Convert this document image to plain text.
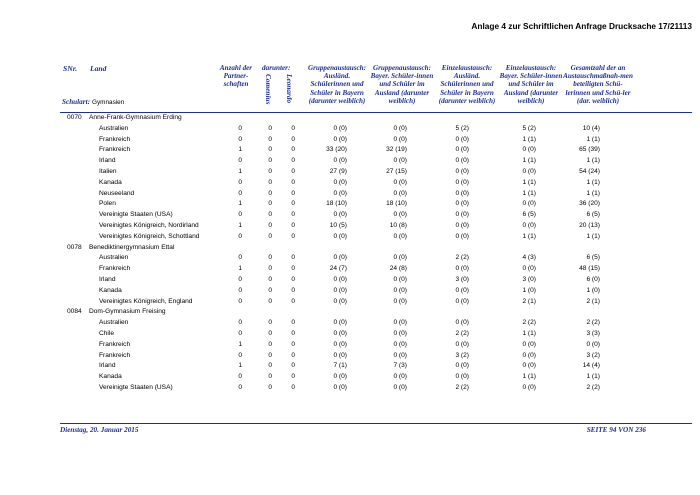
Anlage 4 zur Schriftlichen Anfrage Drucksache 17/21113
SNr. Land
Schulart: Gymnasien
Anzahl der Partner-schaften
darunter:
Comenius Leonardo
Gruppenaustausch: Ausländ. Schülerinnen und Schüler in Bayern (darunter weiblich)
Gruppenaustausch: Bayer. Schüler-innen und Schüler im Ausland (darunter weiblich)
Einzelaustausch: Ausländ. Schülerinnen und Schüler in Bayern (darunter weiblich)
Einzelaustausch: Bayer. Schüler-innen und Schüler im Ausland (darunter weiblich)
Gesamtzahl der an Austauschmaßnah-men beteiligten Schü-lerinnen und Schü-ler (dar. weiblich)
0070 Anne-Frank-Gymnasium Erding
Australien	0	0	0	0 (0)	0 (0)	5 (2)	5 (2)	10 (4)
Frankreich	0	0	0	0 (0)	0 (0)	0 (0)	1 (1)	1 (1)
Frankreich	1	0	0	33 (20)	32 (19)	0 (0)	0 (0)	65 (39)
Irland	0	0	0	0 (0)	0 (0)	0 (0)	1 (1)	1 (1)
Italien	1	0	0	27 (9)	27 (15)	0 (0)	0 (0)	54 (24)
Kanada	0	0	0	0 (0)	0 (0)	0 (0)	1 (1)	1 (1)
Neuseeland	0	0	0	0 (0)	0 (0)	0 (0)	1 (1)	1 (1)
Polen	1	0	0	18 (10)	18 (10)	0 (0)	0 (0)	36 (20)
Vereinigte Staaten (USA)	0	0	0	0 (0)	0 (0)	0 (0)	6 (5)	6 (5)
Vereinigtes Königreich, Nordirland	1	0	0	10 (5)	10 (8)	0 (0)	0 (0)	20 (13)
Vereinigtes Königreich, Schottland	0	0	0	0 (0)	0 (0)	0 (0)	1 (1)	1 (1)
0078 Benediktinergymnasium Ettal
Australien	0	0	0	0 (0)	0 (0)	2 (2)	4 (3)	6 (5)
Frankreich	1	0	0	24 (7)	24 (8)	0 (0)	0 (0)	48 (15)
Irland	0	0	0	0 (0)	0 (0)	3 (0)	3 (0)	6 (0)
Kanada	0	0	0	0 (0)	0 (0)	0 (0)	1 (0)	1 (0)
Vereinigtes Königreich, England	0	0	0	0 (0)	0 (0)	0 (0)	2 (1)	2 (1)
0084 Dom-Gymnasium Freising
Australien	0	0	0	0 (0)	0 (0)	0 (0)	2 (2)	2 (2)
Chile	0	0	0	0 (0)	0 (0)	2 (2)	1 (1)	3 (3)
Frankreich	1	0	0	0 (0)	0 (0)	0 (0)	0 (0)	0 (0)
Frankreich	0	0	0	0 (0)	0 (0)	3 (2)	0 (0)	3 (2)
Irland	1	0	0	7 (1)	7 (3)	0 (0)	0 (0)	14 (4)
Kanada	0	0	0	0 (0)	0 (0)	0 (0)	1 (1)	1 (1)
Vereinigte Staaten (USA)	0	0	0	0 (0)	0 (0)	2 (2)	0 (0)	2 (2)
Dienstag, 20. Januar 2015	SEITE 94 VON 236
